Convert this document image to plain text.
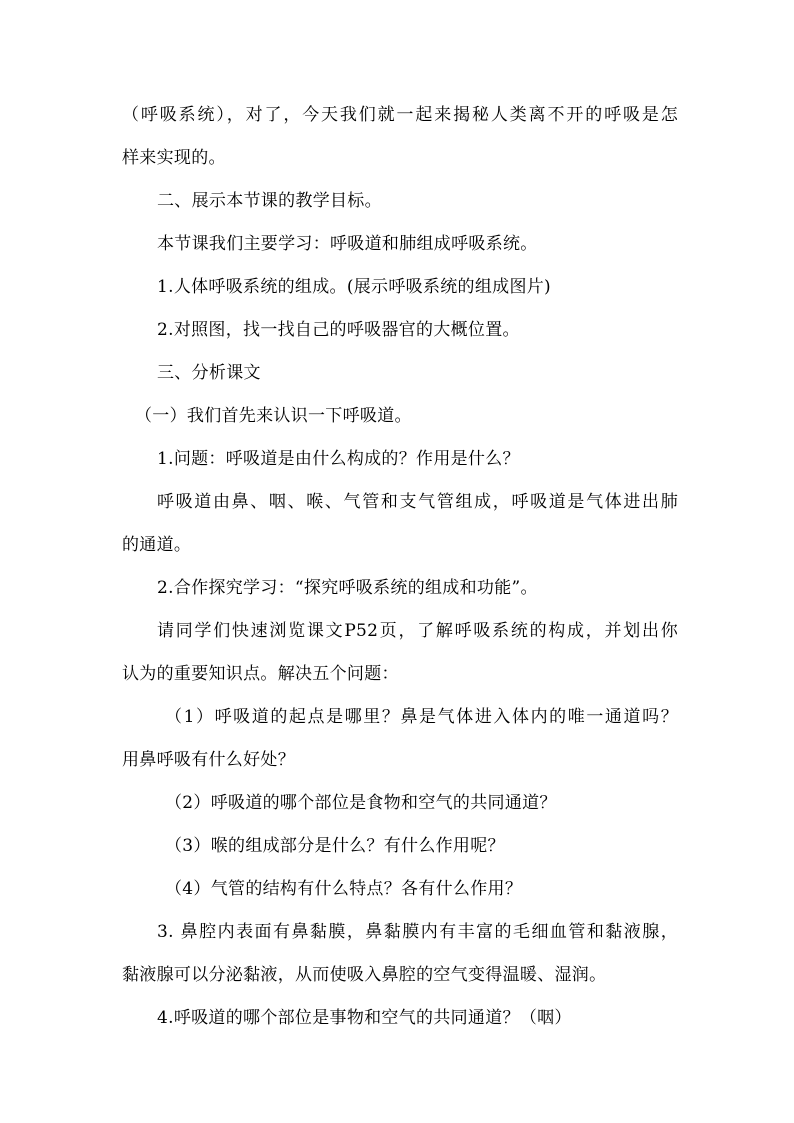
（呼吸系统），对了，今天我们就一起来揭秘人类离不开的呼吸是怎
样来实现的。
二、展示本节课的教学目标。
本节课我们主要学习：呼吸道和肺组成呼吸系统。
1.人体呼吸系统的组成。(展示呼吸系统的组成图片)
2.对照图，找一找自己的呼吸器官的大概位置。
三、分析课文
（一）我们首先来认识一下呼吸道。
1.问题：呼吸道是由什么构成的？作用是什么？
呼吸道由鼻、咽、喉、气管和支气管组成，呼吸道是气体进出肺
的通道。
2.合作探究学习：“探究呼吸系统的组成和功能”。
请同学们快速浏览课文P52页，了解呼吸系统的构成，并划出你
认为的重要知识点。解决五个问题：
（1）呼吸道的起点是哪里？鼻是气体进入体内的唯一通道吗？
用鼻呼吸有什么好处？
（2）呼吸道的哪个部位是食物和空气的共同通道？
（3）喉的组成部分是什么？有什么作用呢？
（4）气管的结构有什么特点？各有什么作用？
3. 鼻腔内表面有鼻黏膜，鼻黏膜内有丰富的毛细血管和黏液腺，
黏液腺可以分泌黏液，从而使吸入鼻腔的空气变得温暖、湿润。
4.呼吸道的哪个部位是事物和空气的共同通道？（咽）
